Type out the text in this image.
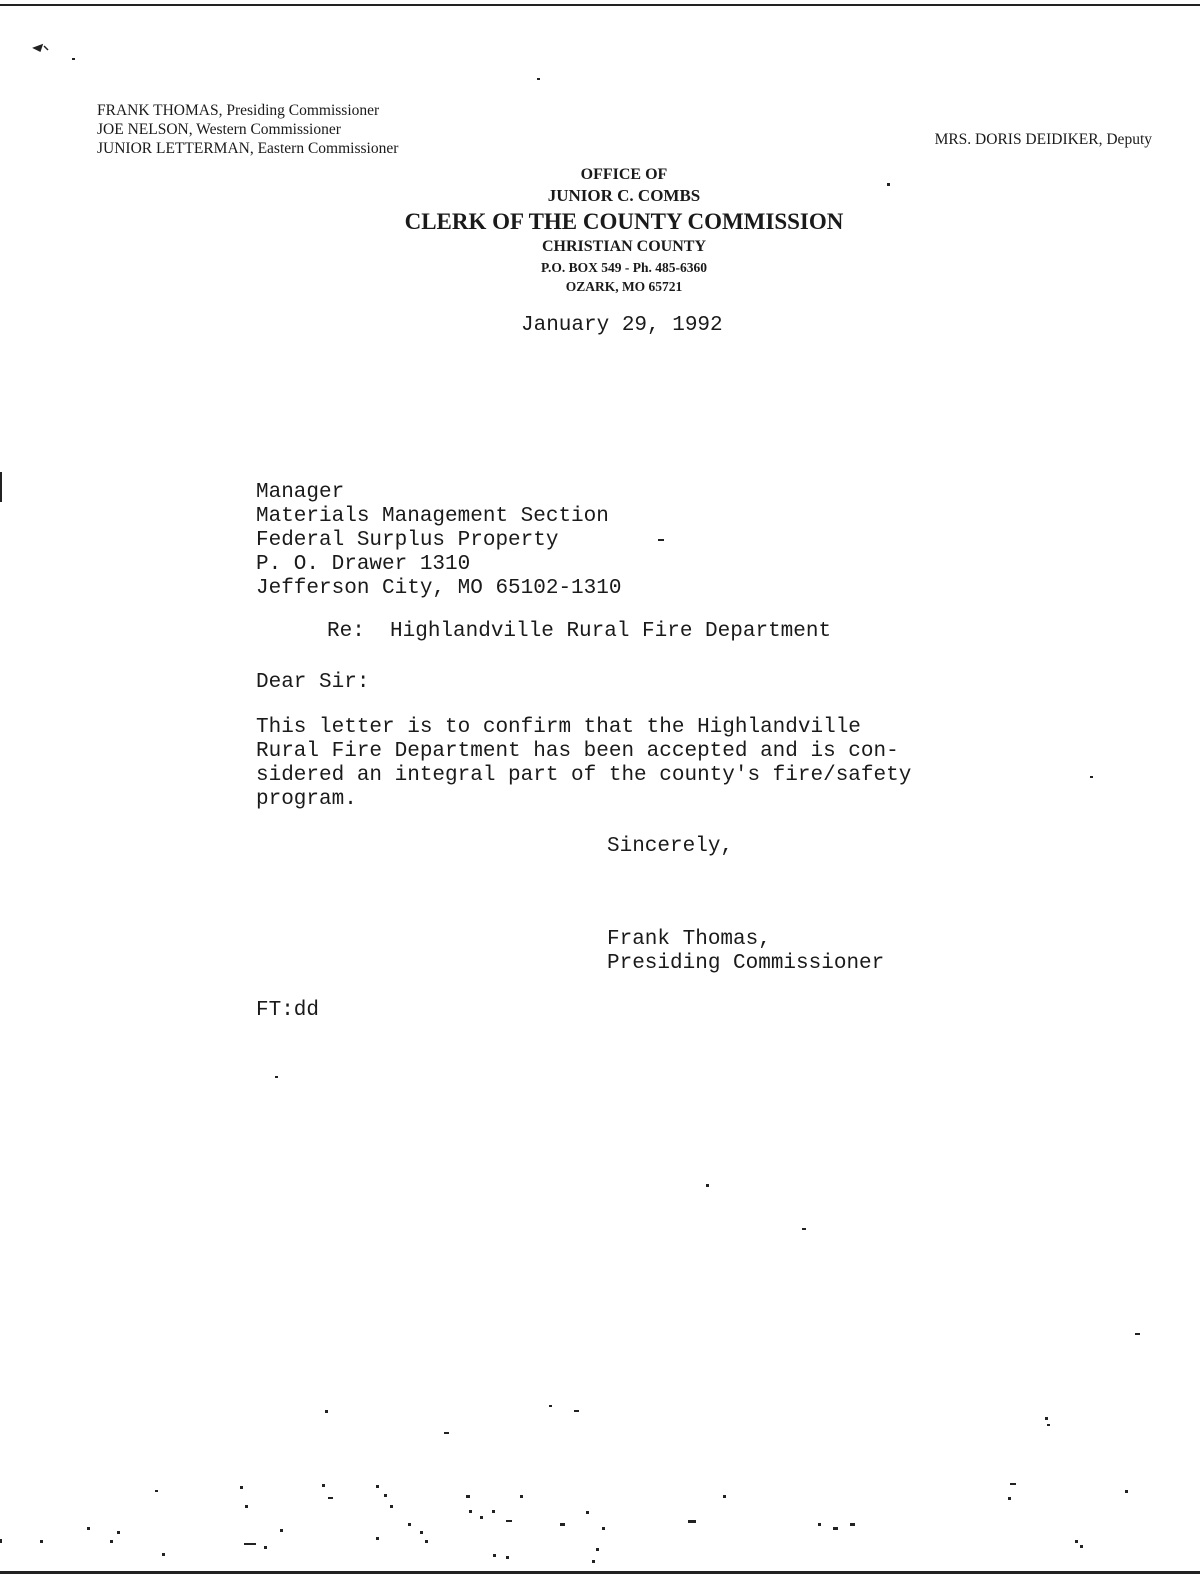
FRANK THOMAS, Presiding Commissioner
JOE NELSON, Western Commissioner
JUNIOR LETTERMAN, Eastern Commissioner
MRS. DORIS DEIDIKER, Deputy
OFFICE OF
JUNIOR C. COMBS
CLERK OF THE COUNTY COMMISSION
CHRISTIAN COUNTY
P.O. BOX 549 - Ph. 485-6360
OZARK, MO 65721
January 29, 1992
Manager
Materials Management Section
Federal Surplus Property
P. O. Drawer 1310
Jefferson City, MO 65102-1310
Re:  Highlandville Rural Fire Department
Dear Sir:
This letter is to confirm that the Highlandville
Rural Fire Department has been accepted and is con-
sidered an integral part of the county's fire/safety
program.
Sincerely,
Frank Thomas,
Presiding Commissioner
FT:dd
